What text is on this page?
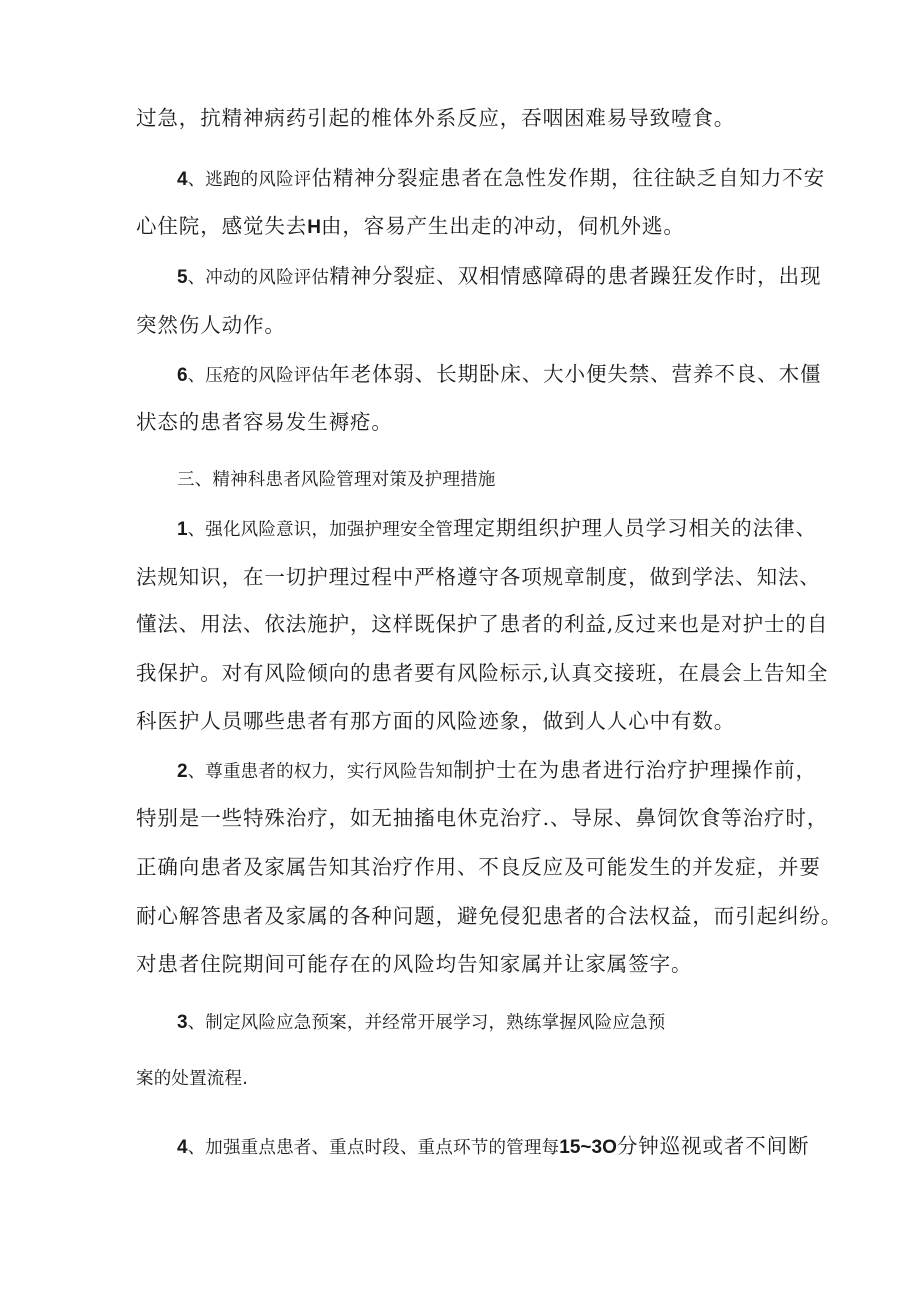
过急，抗精神病药引起的椎体外系反应，吞咽困难易导致噎食。
4、逃跑的风险评估精神分裂症患者在急性发作期，往往缺乏自知力不安
心住院，感觉失去H由，容易产生出走的冲动，伺机外逃。
5、冲动的风险评估精神分裂症、双相情感障碍的患者躁狂发作时，出现
突然伤人动作。
6、压疮的风险评估年老体弱、长期卧床、大小便失禁、营养不良、木僵
状态的患者容易发生褥疮。
三、精神科患者风险管理对策及护理措施
1、强化风险意识，加强护理安全管理定期组织护理人员学习相关的法律、
法规知识，在一切护理过程中严格遵守各项规章制度，做到学法、知法、
懂法、用法、依法施护，这样既保护了患者的利益,反过来也是对护士的自
我保护。对有风险倾向的患者要有风险标示,认真交接班，在晨会上告知全
科医护人员哪些患者有那方面的风险迹象，做到人人心中有数。
2、尊重患者的权力，实行风险告知制护士在为患者进行治疗护理操作前，
特别是一些特殊治疗，如无抽搐电休克治疗.、导尿、鼻饲饮食等治疗时，
正确向患者及家属告知其治疗作用、不良反应及可能发生的并发症，并要
耐心解答患者及家属的各种问题，避免侵犯患者的合法权益，而引起纠纷。
对患者住院期间可能存在的风险均告知家属并让家属签字。
3、制定风险应急预案，并经常开展学习，熟练掌握风险应急预
案的处置流程.
4、加强重点患者、重点时段、重点环节的管理每15~3O分钟巡视或者不间断
